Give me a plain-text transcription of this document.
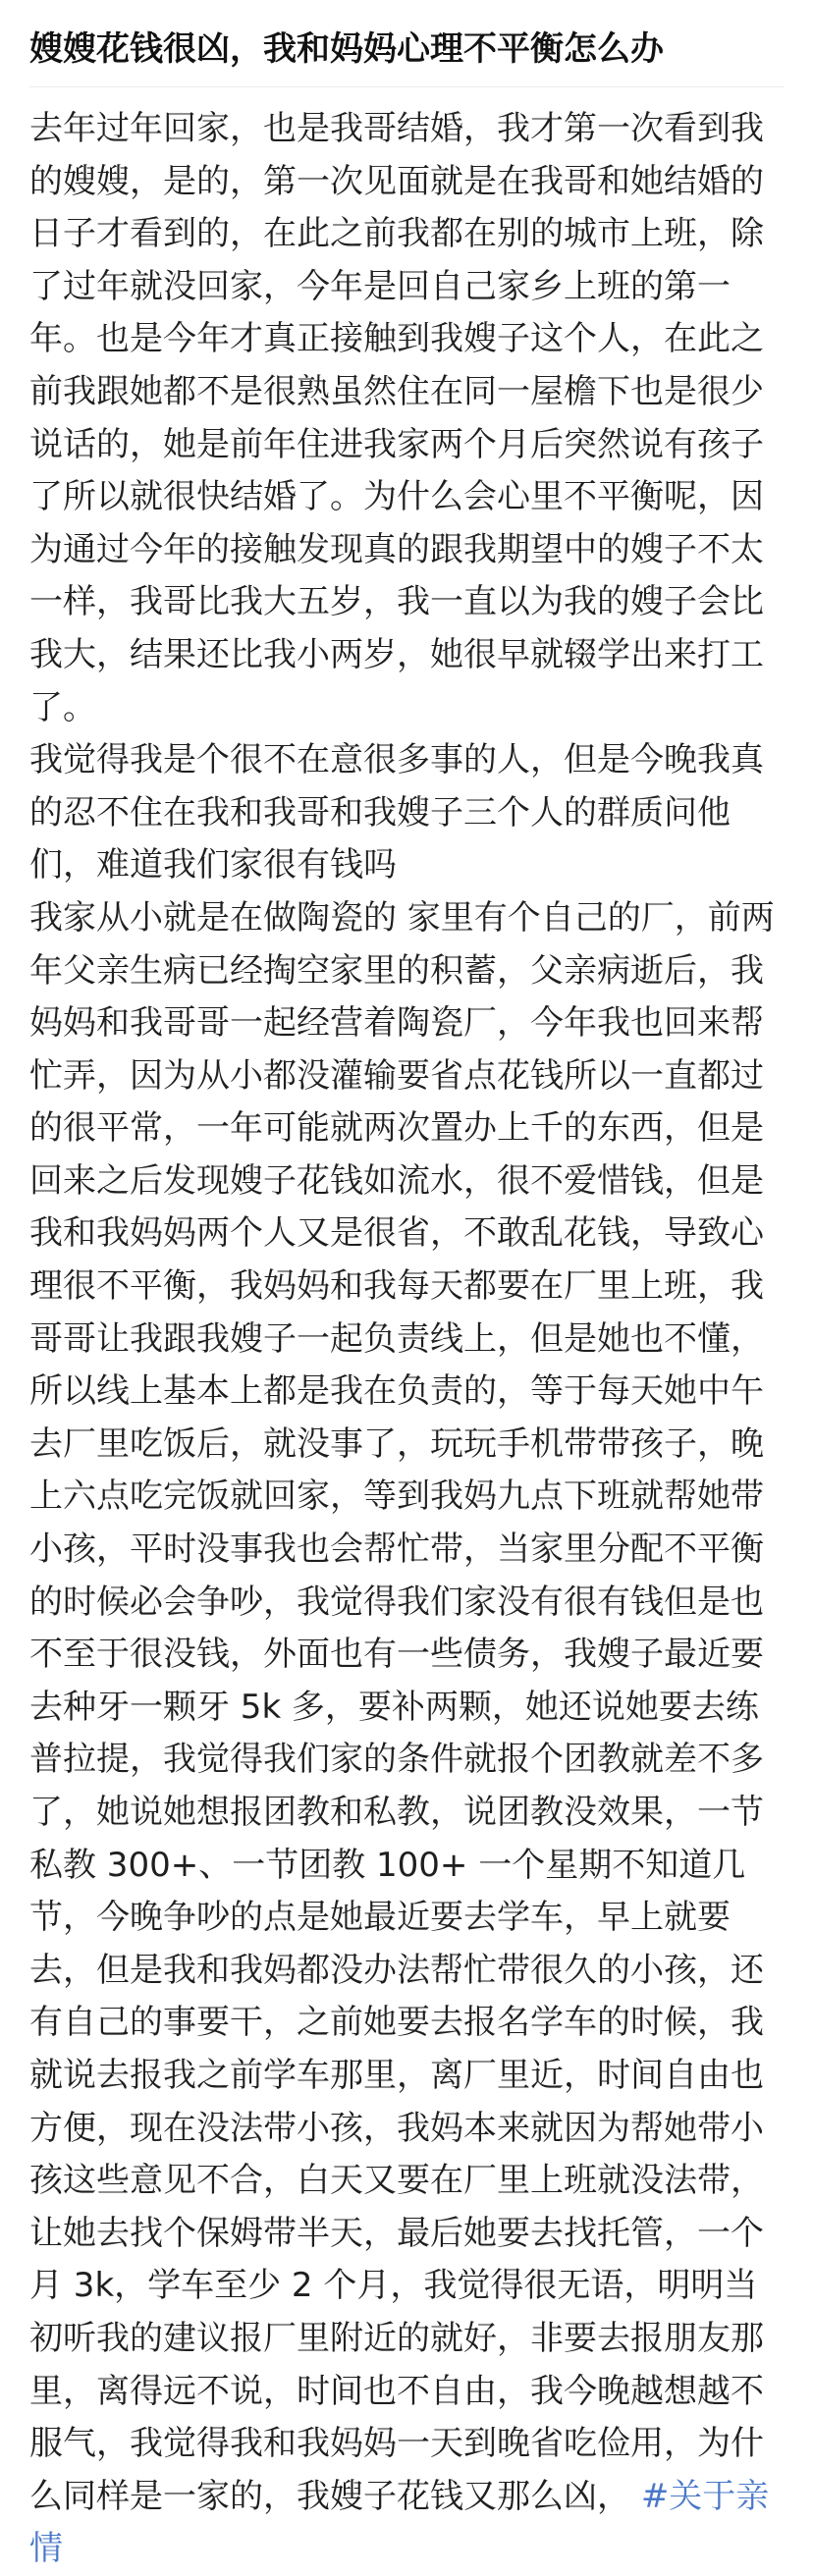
嫂嫂花钱很凶，我和妈妈心理不平衡怎么办

去年过年回家，也是我哥结婚，我才第一次看到我的嫂嫂，是的，第一次见面就是在我哥和她结婚的日子才看到的，在此之前我都在别的城市上班，除了过年就没回家，今年是回自己家乡上班的第一年。也是今年才真正接触到我嫂子这个人，在此之前我跟她都不是很熟虽然住在同一屋檐下也是很少说话的，她是前年住进我家两个月后突然说有孩子了所以就很快结婚了。为什么会心里不平衡呢，因为通过今年的接触发现真的跟我期望中的嫂子不太一样，我哥比我大五岁，我一直以为我的嫂子会比我大，结果还比我小两岁，她很早就辍学出来打工了。

我觉得我是个很不在意很多事的人，但是今晚我真的忍不住在我和我哥和我嫂子三个人的群质问他们，难道我们家很有钱吗

我家从小就是在做陶瓷的 家里有个自己的厂，前两年父亲生病已经掏空家里的积蓄，父亲病逝后，我妈妈和我哥哥一起经营着陶瓷厂，今年我也回来帮忙弄，因为从小都没灌输要省点花钱所以一直都过的很平常，一年可能就两次置办上千的东西，但是回来之后发现嫂子花钱如流水，很不爱惜钱，但是我和我妈妈两个人又是很省，不敢乱花钱，导致心理很不平衡，我妈妈和我每天都要在厂里上班，我哥哥让我跟我嫂子一起负责线上，但是她也不懂，所以线上基本上都是我在负责的，等于每天她中午去厂里吃饭后，就没事了，玩玩手机带带孩子，晚上六点吃完饭就回家，等到我妈九点下班就帮她带小孩，平时没事我也会帮忙带，当家里分配不平衡的时候必会争吵，我觉得我们家没有很有钱但是也不至于很没钱，外面也有一些债务，我嫂子最近要去种牙一颗牙 5k 多，要补两颗，她还说她要去练普拉提，我觉得我们家的条件就报个团教就差不多了，她说她想报团教和私教，说团教没效果，一节私教 300+、一节团教 100+ 一个星期不知道几节，今晚争吵的点是她最近要去学车，早上就要去，但是我和我妈都没办法帮忙带很久的小孩，还有自己的事要干，之前她要去报名学车的时候，我就说去报我之前学车那里，离厂里近，时间自由也方便，现在没法带小孩，我妈本来就因为帮她带小孩这些意见不合，白天又要在厂里上班就没法带，让她去找个保姆带半天，最后她要去找托管，一个月 3k，学车至少 2 个月，我觉得很无语，明明当初听我的建议报厂里附近的就好，非要去报朋友那里，离得远不说，时间也不自由，我今晚越想越不服气，我觉得我和我妈妈一天到晚省吃俭用，为什么同样是一家的，我嫂子花钱又那么凶， #关于亲情
